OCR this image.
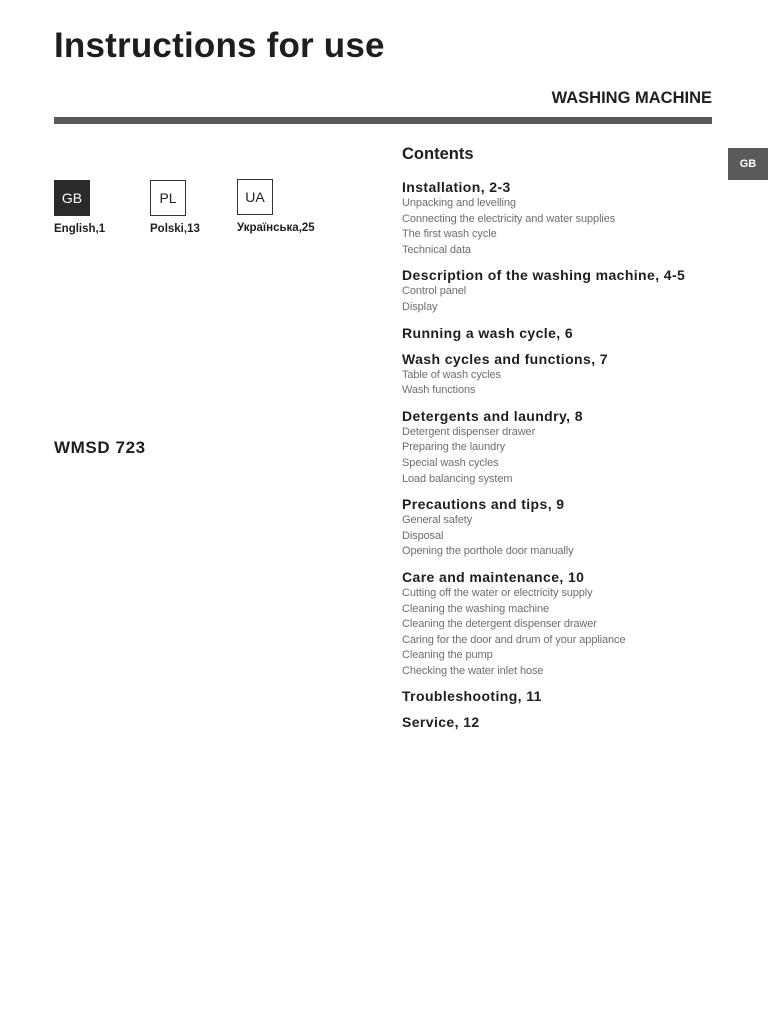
Instructions for use
WASHING MACHINE
GB
GB
English,1
PL
Polski,13
UA
Українська,25
WMSD 723
Contents
Installation, 2-3
Unpacking and levelling
Connecting the electricity and water supplies
The first wash cycle
Technical data
Description of the washing machine, 4-5
Control panel
Display
Running a wash cycle, 6
Wash cycles and functions, 7
Table of wash cycles
Wash functions
Detergents and laundry, 8
Detergent dispenser drawer
Preparing the laundry
Special wash cycles
Load balancing system
Precautions and tips, 9
General safety
Disposal
Opening the porthole door manually
Care and maintenance, 10
Cutting off the water or electricity supply
Cleaning the washing machine
Cleaning the detergent dispenser drawer
Caring for the door and drum of your appliance
Cleaning the pump
Checking the water inlet hose
Troubleshooting, 11
Service, 12
